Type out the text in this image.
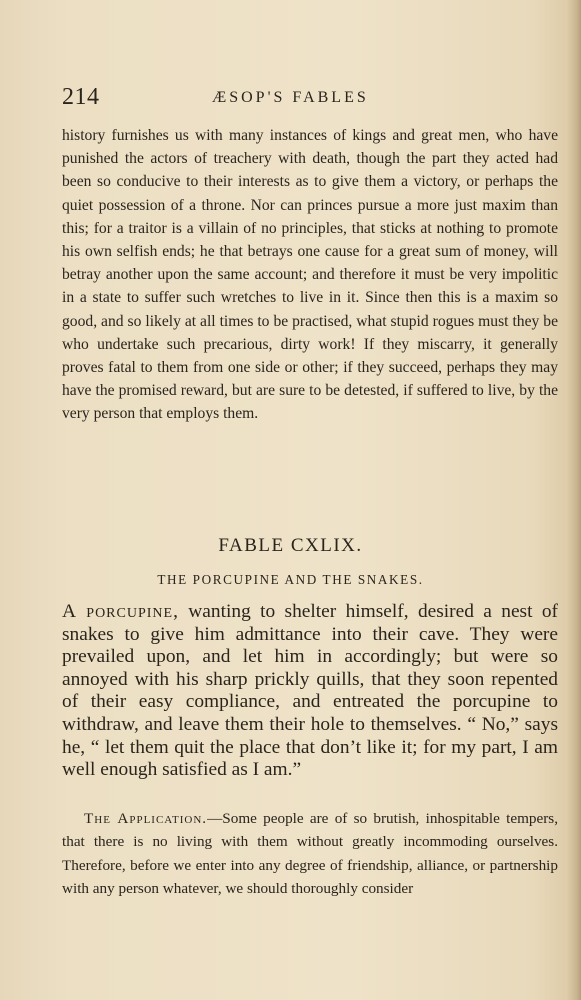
214	ÆSOP'S FABLES

history furnishes us with many instances of kings and great men, who have punished the actors of treachery with death, though the part they acted had been so conducive to their interests as to give them a victory, or perhaps the quiet possession of a throne. Nor can princes pursue a more just maxim than this; for a traitor is a villain of no principles, that sticks at nothing to promote his own selfish ends; he that betrays one cause for a great sum of money, will betray another upon the same account; and therefore it must be very impolitic in a state to suffer such wretches to live in it. Since then this is a maxim so good, and so likely at all times to be practised, what stupid rogues must they be who undertake such precarious, dirty work! If they miscarry, it generally proves fatal to them from one side or other; if they succeed, perhaps they may have the promised reward, but are sure to be detested, if suffered to live, by the very person that employs them.

FABLE CXLIX.
THE PORCUPINE AND THE SNAKES.

A porcupine, wanting to shelter himself, desired a nest of snakes to give him admittance into their cave. They were prevailed upon, and let him in accordingly; but were so annoyed with his sharp prickly quills, that they soon repented of their easy compliance, and entreated the porcupine to withdraw, and leave them their hole to themselves. “ No,” says he, “ let them quit the place that don’t like it; for my part, I am well enough satisfied as I am.”

The Application.—Some people are of so brutish, inhospitable tempers, that there is no living with them without greatly incommoding ourselves. Therefore, before we enter into any degree of friendship, alliance, or partnership with any person whatever, we should thoroughly consider
